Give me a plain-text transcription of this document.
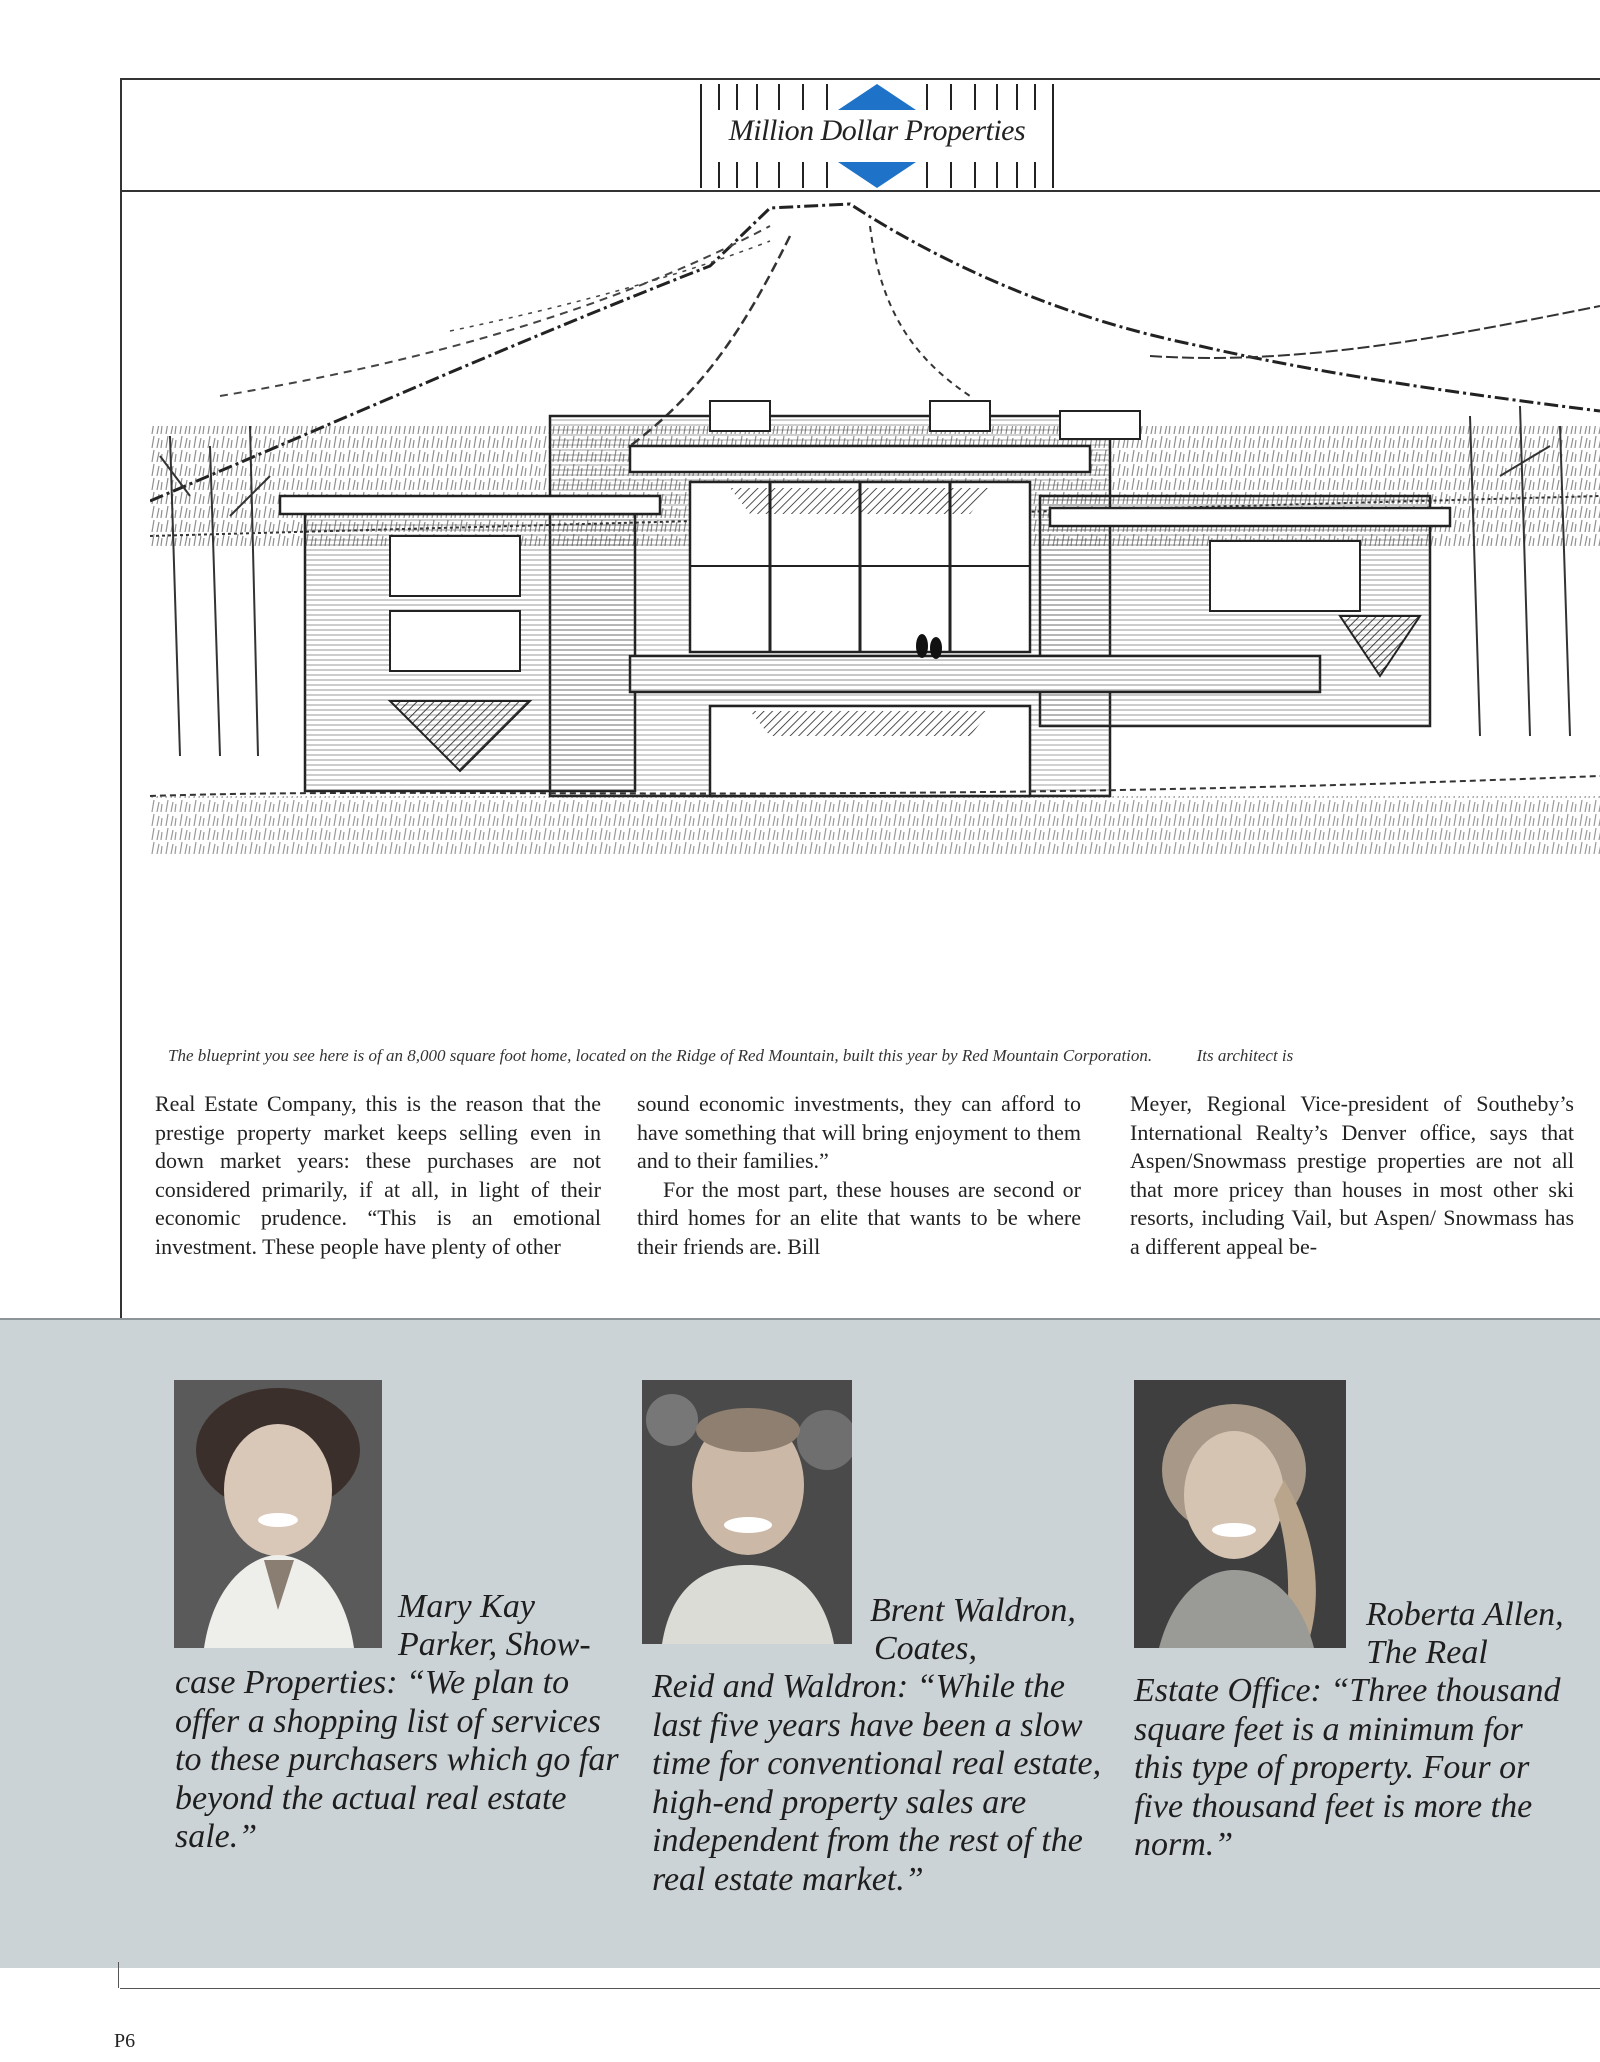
Million Dollar Properties
The blueprint you see here is of an 8,000 square foot home, located on the Ridge of Red Mountain, built this year by Red Mountain Corporation.	Its architect is

Real Estate Company, this is the reason that the prestige property market keeps selling even in down market years: these purchases are not considered primarily, if at all, in light of their economic prudence. “This is an emotional investment. These people have plenty of other

sound economic investments, they can afford to have something that will bring enjoyment to them and to their families.”

For the most part, these houses are second or third homes for an elite that wants to be where their friends are. Bill

Meyer, Regional Vice-president of Southeby’s International Realty’s Denver office, says that Aspen/Snowmass prestige properties are not all that more pricey than houses in most other ski resorts, including Vail, but Aspen/ Snowmass has a different appeal be-

Mary Kay
Parker, Show-
case Properties: “We plan to offer a shopping list of services to these purchasers which go far beyond the actual real estate sale.”
Brent Waldron,
Coates,
Reid and Waldron: “While the last five years have been a slow time for conventional real estate, high-end property sales are independent from the rest of the real estate market.”
Roberta Allen,
The Real
Estate Office: “Three thousand square feet is a minimum for this type of property. Four or five thousand feet is more the norm.”
P6
